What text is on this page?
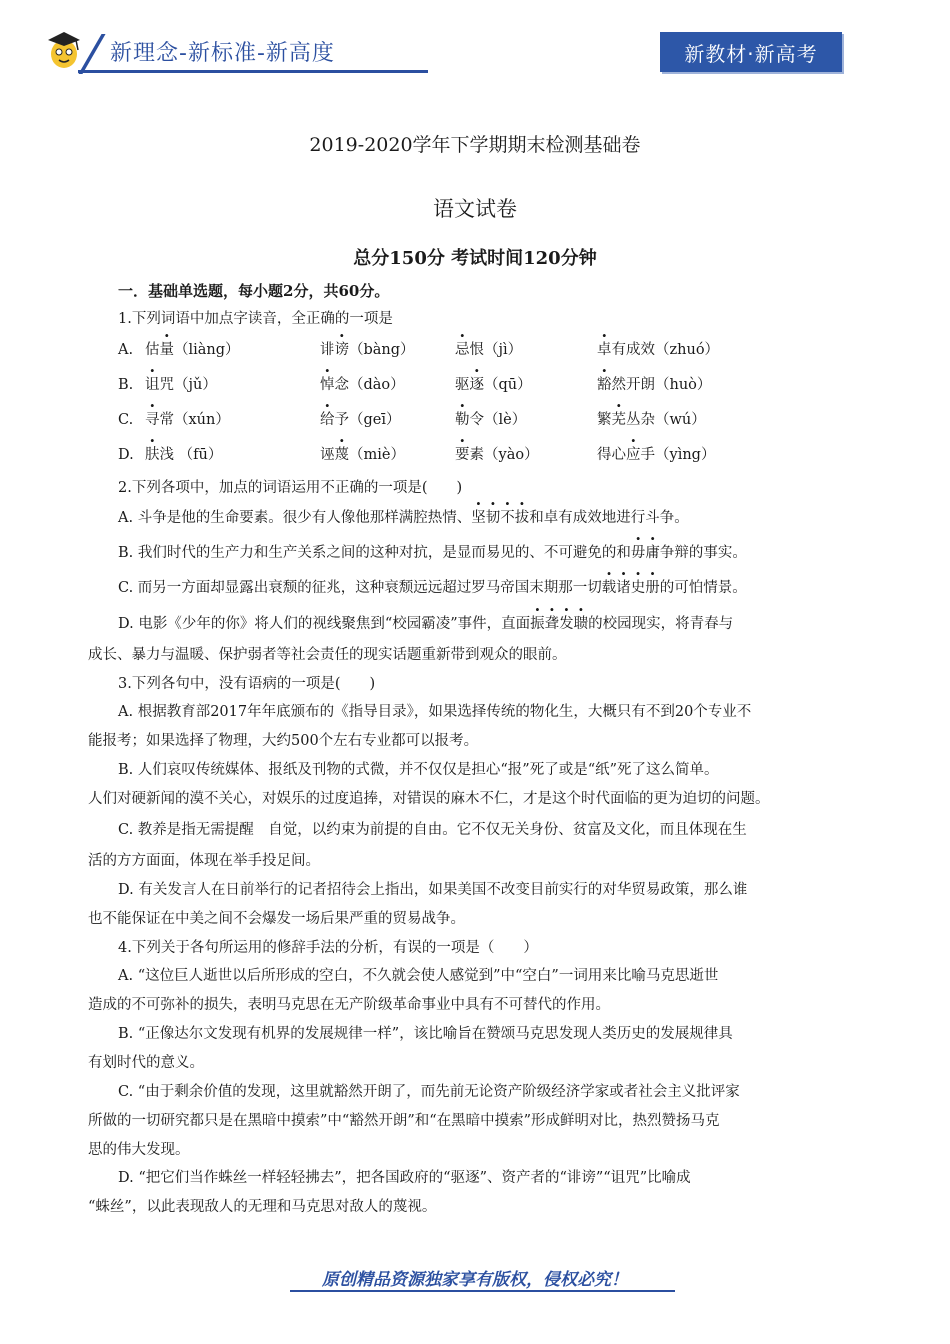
新理念-新标准-新高度	新教材·新高考
2019-2020学年下学期期末检测基础卷
语文试卷
总分150分 考试时间120分钟
一．基础单选题，每小题2分，共60分。
1.下列词语中加点字读音，全正确的一项是
A. 估量（liàng）	诽谤（bàng）	忌恨（jì）	卓有成效（zhuó）
B. 诅咒（jǔ）	悼念（dào）	驱逐（qū）	豁然开朗（huò）
C. 寻常（xún）	给予（geī）	勒令（lè）	繁芜丛杂（wú）
D. 肤浅 （fū）	诬蔑（miè）	要素（yào）	得心应手（yìng）
2.下列各项中，加点的词语运用不正确的一项是(　　)
A. 斗争是他的生命要素。很少有人像他那样满腔热情、坚韧不拔和卓有成效地进行斗争。
B. 我们时代的生产力和生产关系之间的这种对抗，是显而易见的、不可避免的和毋庸争辩的事实。
C. 而另一方面却显露出衰颓的征兆，这种衰颓远远超过罗马帝国末期那一切载诸史册的可怕情景。
D. 电影《少年的你》将人们的视线聚焦到“校园霸凌”事件，直面振聋发聩的校园现实，将青春与
成长、暴力与温暖、保护弱者等社会责任的现实话题重新带到观众的眼前。
3.下列各句中，没有语病的一项是(　　)
A. 根据教育部2017年年底颁布的《指导目录》，如果选择传统的物化生，大概只有不到20个专业不
能报考；如果选择了物理，大约500个左右专业都可以报考。
B. 人们哀叹传统媒体、报纸及刊物的式微，并不仅仅是担心“报”死了或是“纸”死了这么简单。
人们对硬新闻的漠不关心，对娱乐的过度追捧，对错误的麻木不仁，才是这个时代面临的更为迫切的问题。
C. 教养是指无需提醒　自觉，以约束为前提的自由。它不仅无关身份、贫富及文化，而且体现在生
活的方方面面，体现在举手投足间。
D. 有关发言人在日前举行的记者招待会上指出，如果美国不改变目前实行的对华贸易政策，那么谁
也不能保证在中美之间不会爆发一场后果严重的贸易战争。
4.下列关于各句所运用的修辞手法的分析，有误的一项是（　　）
A. “这位巨人逝世以后所形成的空白，不久就会使人感觉到”中“空白”一词用来比喻马克思逝世
造成的不可弥补的损失，表明马克思在无产阶级革命事业中具有不可替代的作用。
B. “正像达尔文发现有机界的发展规律一样”，该比喻旨在赞颂马克思发现人类历史的发展规律具
有划时代的意义。
C. “由于剩余价值的发现，这里就豁然开朗了，而先前无论资产阶级经济学家或者社会主义批评家
所做的一切研究都只是在黑暗中摸索”中“豁然开朗”和“在黑暗中摸索”形成鲜明对比，热烈赞扬马克
思的伟大发现。
D. “把它们当作蛛丝一样轻轻拂去”，把各国政府的“驱逐”、资产者的“诽谤”“诅咒”比喻成
“蛛丝”，以此表现敌人的无理和马克思对敌人的蔑视。
原创精品资源独家享有版权，侵权必究！
